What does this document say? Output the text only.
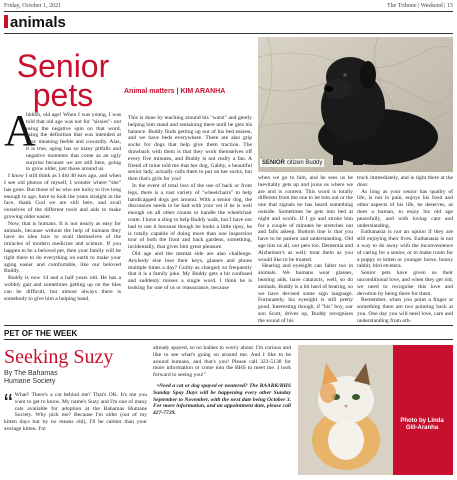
Friday, October 1, 2021	The Tribune | Weekend | 15
animals
Senior
pets	Animal matters | KIM ARANHA
SENIOR citizen Buddy
A

hhhhh, old age! When I was young, I was told that old age was not for "sissies"- not using the negative spin on that word, using the definition that was intended at first: meaning feeble and cowardly. Alas, it is true, aging has so many pitfalls and negative moments that come as an ugly surprise because we are still here, going to grow older, just those around us.

I know I still think as I did 40 ears ago, and when I see old photos of myself, I wonder where "she" has gone. But those of us who are lucky to live long enough to age, have to look the years straight in the face, thank God we are still here, and avail ourselves of the different tools and aids to make growing older easier.

Now, that is humans. It is not nearly as easy for animals, because without the help of humans they have no idea how to avail themselves of the miracles of modern medicine and science. If you happen to be a beloved pet, then your family will be right there to do everything on earth to make your aging easier and comfortable, like our beloved Buddy.

Buddy is now 14 and a half years old. He has a wobbly gait and sometimes getting up on the tiles can be difficult, but almost always there is somebody to give him a helping hand.

This is done by teaching around his "waist" and gently helping him stand and remaining there until he gets his balance. Buddy finds getting up out of his bed easiest, and we have beds everywhere. There are also grip socks for dogs that help give them traction. The drawback with them is that they work themselves off every five minutes, and Buddy is not really a fan. A friend of mine told me that her dog, Gabby, a beautiful senior lady, actually calls them to put on her socks, but then that's girls for you!

In the event of total loss of the use of back or front legs, there is a vast variety of "wheelchairs" to help handicapped dogs get around. With a senior dog, the discussion needs to be had with your vet if he is well enough on all other counts to handle the wheelchair route. I have a sling to help Buddy walk, but I have not had to use it because though he looks a little tipsy, he is totally capable of doing more than one inspection tour of both the front and back gardens, something, incidentally, that gives him great pleasure.

Old age and the mental side are also challenge. Anybody else lose their keys, glasses and phone multiple times a day? Guilty as charged; so frequently that it is a family joke. My Buddy gets a bit confused and suddenly misses a single word. I think he is looking for one of us or reassurance, because

when we go to him, and he sees us he inevitably gets up and joins us where we are and is content. This word is totally different from the one to let him out or the one that signals he has heard something outside. Sometimes he gets into bed at night and woofs. If I go and stroke him for a couple of minutes he stretches out and falls asleep. Bottom line is that you have to be patient and understanding. Old age hits us all, our pets too. Dementia and Alzheimer's as well; treat them as you would like to be treated.

Hearing and eyesight can falter too in animals. We humans wear glasses, hearing aids, have cataracts, well, so do animals. Buddy is a bit hard of hearing, so we have devised some sign language. Fortunately, his eyesight is still pretty good. Interesting though, if "his" boy, our son Scott, drives up, Buddy recognises the sound of his

truck immediately, and is right there at the door.

As long as your senior has quality of life, is not in pain, enjoys his food and other aspects of his life, he deserves, as does a human, to enjoy his old age peacefully, and with loving care and understanding.

Euthanasia is not an option if they are still enjoying their lives. Euthanasia is not a way to do away with the inconvenience of caring for a senior, or to make room for a puppy or kitten or younger horse, bunny rabbit, bird etcetera.

Senior pets have given us their unconditional love, and when they get old, we need to recognise this love and devotion by being there for them.

Remember, when you point a finger at something there are two pointing back at you. One day you will need love, care and understanding from oth-

PET OF THE WEEK
Seeking Suzy
By The Bahamas
Humane Society
“ What? There's a cat behind me? That's OK. It's me you want to get to know. My name's Suzy and I'm one of many cats available for adoption at the Bahamas Humane Society. Why pick me? Because I'm older (out of my kitten days but by no means old), I'll be calmer than your average kitten. I'm

already spayed, so no babies to worry about. I'm curious and like to see what's going on around me. And I like to be around humans, and that's you! Please call 323-5138 for more information or come into the BHS to meet me. I look forward to seeing you!"

•Need a cat or dog spayed or neutered? The BAARK/BHS Sunday Spay Days will be happening every other Sunday September to November, with the next date being October 3. For more information, and an appointment date, please call 427-7729.

Photo by Linda Gill-Aranha
